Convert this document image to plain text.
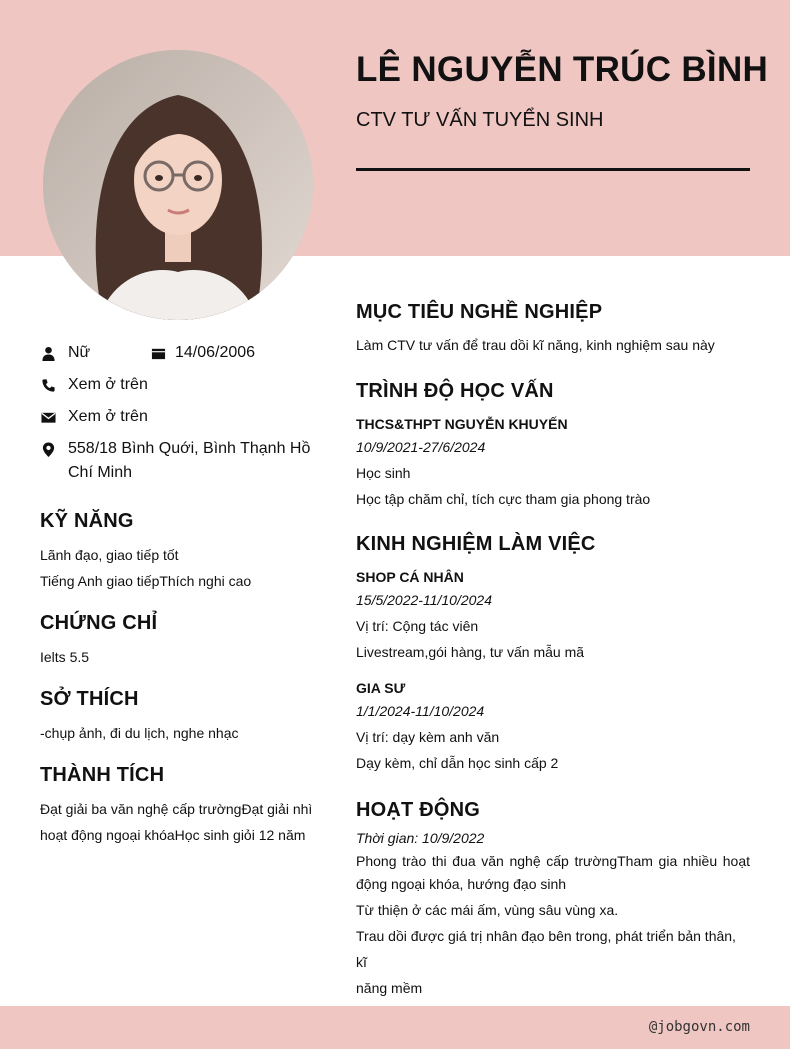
LÊ NGUYỄN TRÚC BÌNH
CTV TƯ VẤN TUYỂN SINH
Nữ	14/06/2006
Xem ở trên
Xem ở trên
558/18 Bình Quới, Bình Thạnh Hồ
Chí Minh
KỸ NĂNG
Lãnh đạo, giao tiếp tốt
Tiếng Anh giao tiếpThích nghi cao
CHỨNG CHỈ
Ielts 5.5
SỞ THÍCH
-chụp ảnh, đi du lịch, nghe nhạc
THÀNH TÍCH
Đạt giải ba văn nghệ cấp trườngĐạt giải nhì
hoạt động ngoại khóaHọc sinh giỏi 12 năm
MỤC TIÊU NGHỀ NGHIỆP
Làm CTV tư vấn để trau dồi kĩ năng, kinh nghiệm sau này
TRÌNH ĐỘ HỌC VẤN
THCS&THPT NGUYỄN KHUYẾN
10/9/2021-27/6/2024
Học sinh
Học tập chăm chỉ, tích cực tham gia phong trào
KINH NGHIỆM LÀM VIỆC
SHOP CÁ NHÂN
15/5/2022-11/10/2024
Vị trí: Cộng tác viên
Livestream,gói hàng, tư vấn mẫu mã
GIA SƯ
1/1/2024-11/10/2024
Vị trí: dạy kèm anh văn
Dạy kèm, chỉ dẫn học sinh cấp 2
HOẠT ĐỘNG
Thời gian: 10/9/2022
Phong trào thi đua văn nghệ cấp trườngTham gia nhiều hoạt động ngoại khóa, hướng đạo sinh
Từ thiện ở các mái ấm, vùng sâu vùng xa.
Trau dồi được giá trị nhân đạo bên trong, phát triển bản thân, kĩ
năng mềm
@jobgovn.com
